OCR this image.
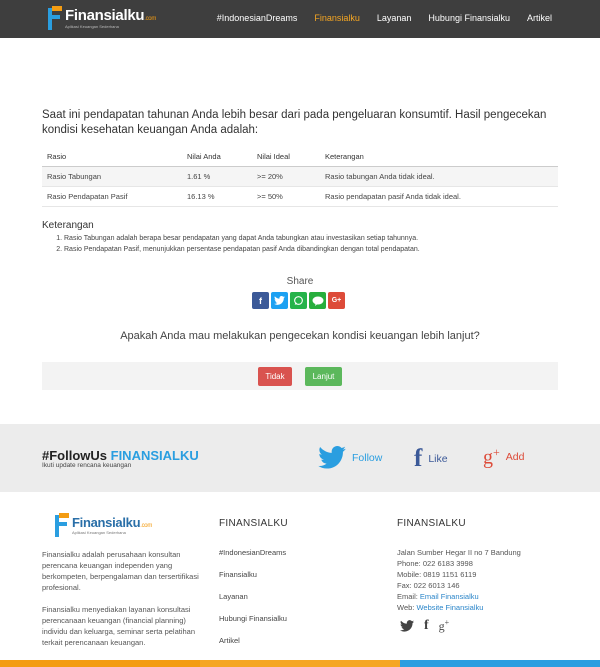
Finansialku.com
Aplikasi Keuangan Sederhana
#IndonesianDreams Finansialku Layanan Hubungi Finansialku Artikel
Saat ini pendapatan tahunan Anda lebih besar dari pada pengeluaran konsumtif. Hasil pengecekan kondisi kesehatan keuangan Anda adalah:
Rasio	Nilai Anda	Nilai Ideal	Keterangan
Rasio Tabungan	1.61 %	>= 20%	Rasio tabungan Anda tidak ideal.
Rasio Pendapatan Pasif	16.13 %	>= 50%	Rasio pendapatan pasif Anda tidak ideal.
Keterangan
1. Rasio Tabungan adalah berapa besar pendapatan yang dapat Anda tabungkan atau investasikan setiap tahunnya.
2. Rasio Pendapatan Pasif, menunjukkan persentase pendapatan pasif Anda dibandingkan dengan total pendapatan.
Share
f	G+
Apakah Anda mau melakukan pengecekan kondisi keuangan lebih lanjut?
Tidak	Lanjut
#FollowUs FINANSIALKU
Ikuti update rencana keuangan
Follow f Like g+ Add
Finansialku.com
Aplikasi Keuangan Sederhana

Finansialku adalah perusahaan konsultan perencana keuangan independen yang berkompeten, berpengalaman dan tersertifikasi profesional.

Finansialku menyediakan layanan konsultasi perencanaan keuangan (financial planning) individu dan keluarga, seminar serta pelatihan terkait perencanaan keuangan.

FINANSIALKU
#IndonesianDreams
Finansialku
Layanan
Hubungi Finansialku
Artikel
FINANSIALKU
Jalan Sumber Hegar II no 7 Bandung
Phone: 022 6183 3998
Mobile: 0819 1151 6119
Fax: 022 6013 146
Email: Email Finansialku
Web: Website Finansialku
f g+
